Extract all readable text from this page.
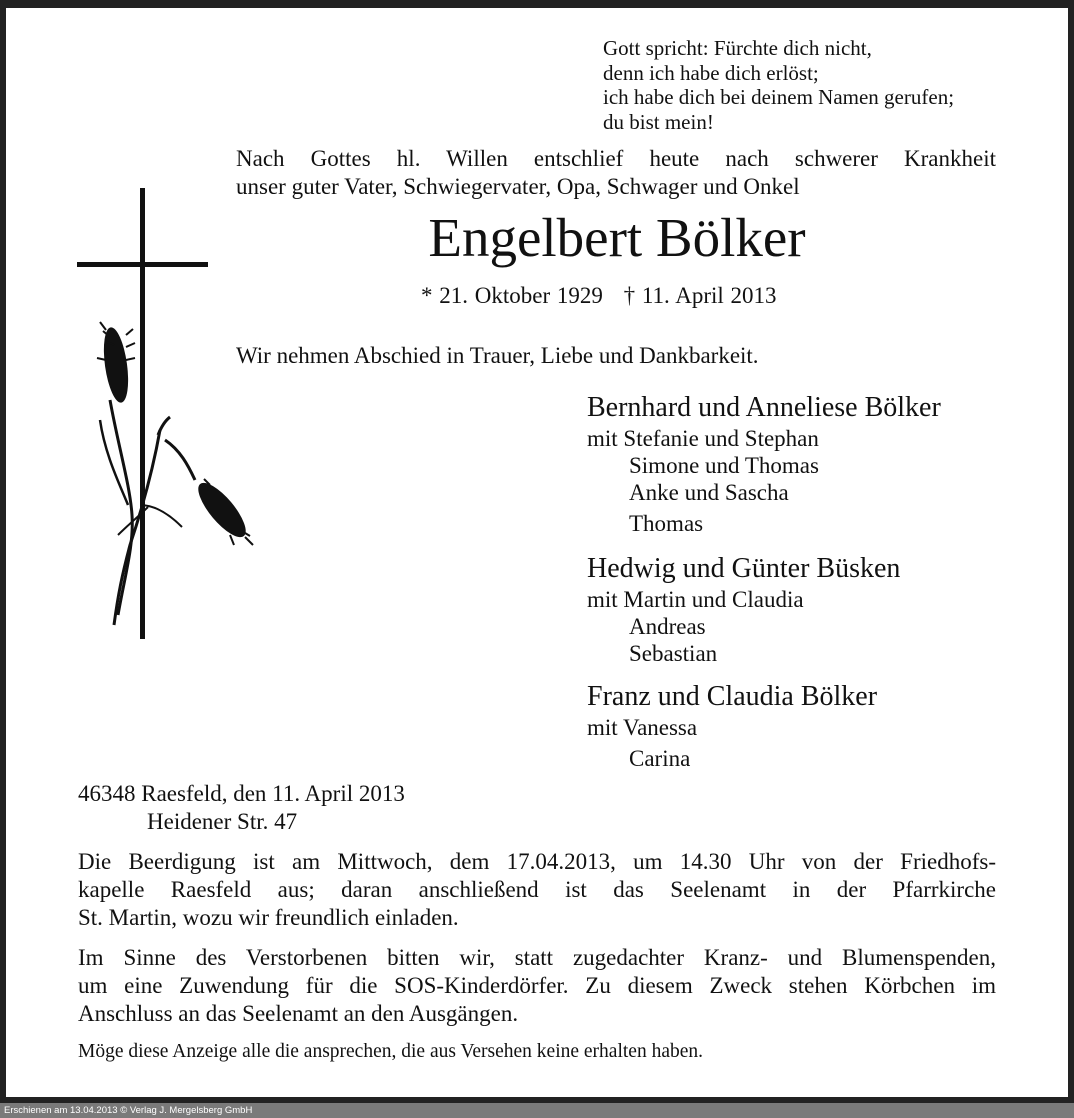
Gott spricht: Fürchte dich nicht,
denn ich habe dich erlöst;
ich habe dich bei deinem Namen gerufen;
du bist mein!
Nach Gottes hl. Willen entschlief heute nach schwerer Krankheit
unser guter Vater, Schwiegervater, Opa, Schwager und Onkel
Engelbert Bölker
* 21. Oktober 1929 † 11. April 2013
Wir nehmen Abschied in Trauer, Liebe und Dankbarkeit.
Bernhard und Anneliese Bölker
mit Stefanie und Stephan
Simone und Thomas
Anke und Sascha
Thomas
Hedwig und Günter Büsken
mit Martin und Claudia
Andreas
Sebastian
Franz und Claudia Bölker
mit Vanessa
Carina
46348 Raesfeld, den 11. April 2013
Heidener Str. 47
Die Beerdigung ist am Mittwoch, dem 17.04.2013, um 14.30 Uhr von der Friedhofs-
kapelle Raesfeld aus; daran anschließend ist das Seelenamt in der Pfarrkirche
St. Martin, wozu wir freundlich einladen.
Im Sinne des Verstorbenen bitten wir, statt zugedachter Kranz- und Blumenspenden,
um eine Zuwendung für die SOS-Kinderdörfer. Zu diesem Zweck stehen Körbchen im
Anschluss an das Seelenamt an den Ausgängen.
Möge diese Anzeige alle die ansprechen, die aus Versehen keine erhalten haben.
Erschienen am 13.04.2013 © Verlag J. Mergelsberg GmbH
